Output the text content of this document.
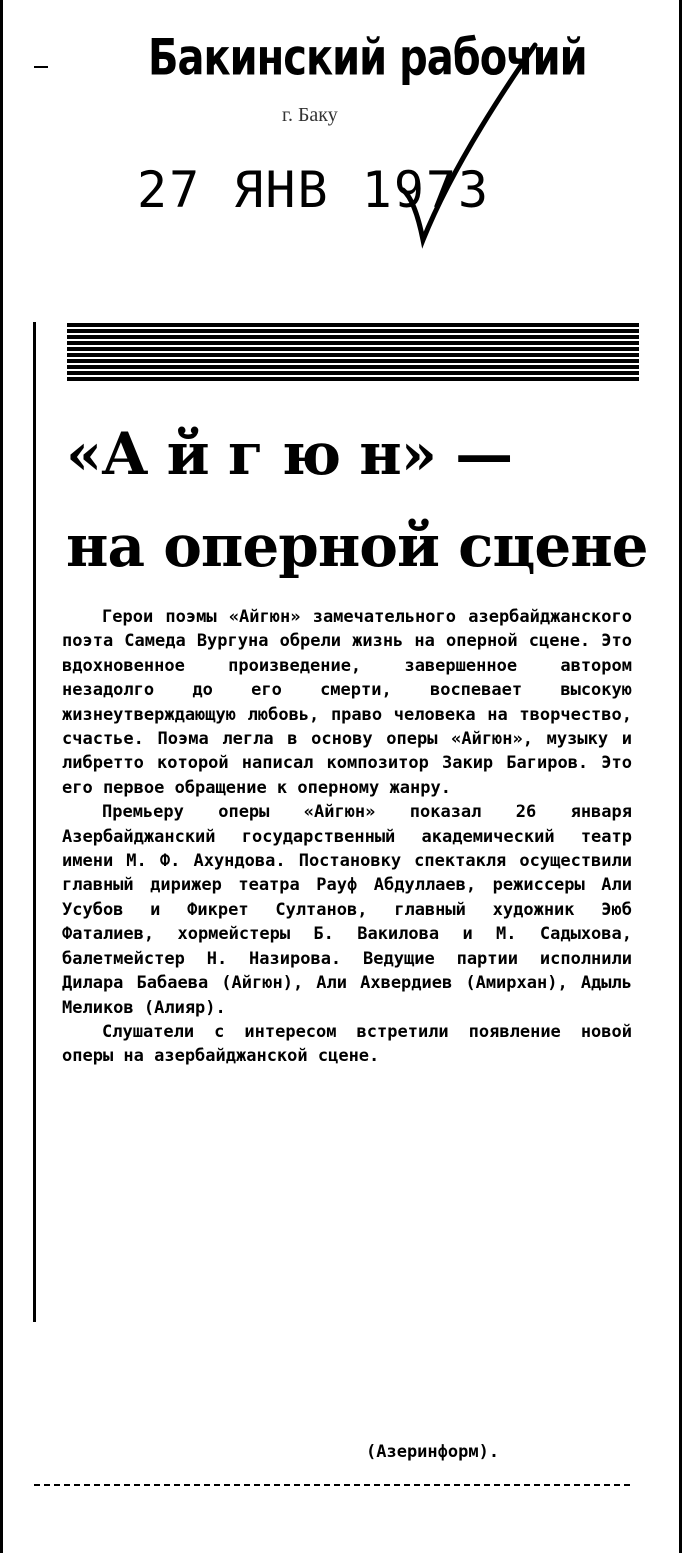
Бакинский рабочий
г. Баку
27 ЯНВ 1973
«А й г ю н» —
на оперной сцене

Герои поэмы «Айгюн» замечательного азербайджанского поэта Самеда Вургуна обрели жизнь на оперной сцене. Это вдохновенное произведение, завершенное автором незадолго до его смерти, воспевает высокую жизнеутверждающую любовь, право человека на творчество, счастье. Поэма легла в основу оперы «Айгюн», музыку и либретто которой написал композитор Закир Багиров. Это его первое обращение к оперному жанру.

Премьеру оперы «Айгюн» показал 26 января Азербайджанский государственный академический театр имени М. Ф. Ахундова. Постановку спектакля осуществили главный дирижер театра Рауф Абдуллаев, режиссеры Али Усубов и Фикрет Султанов, главный художник Эюб Фаталиев, хормейстеры Б. Вакилова и М. Садыхова, балетмейстер Н. Назирова. Ведущие партии исполнили Дилара Бабаева (Айгюн), Али Ахвердиев (Амирхан), Адыль Меликов (Алияр).

Слушатели с интересом встретили появление новой оперы на азербайджанской сцене.

(Азеринформ).
